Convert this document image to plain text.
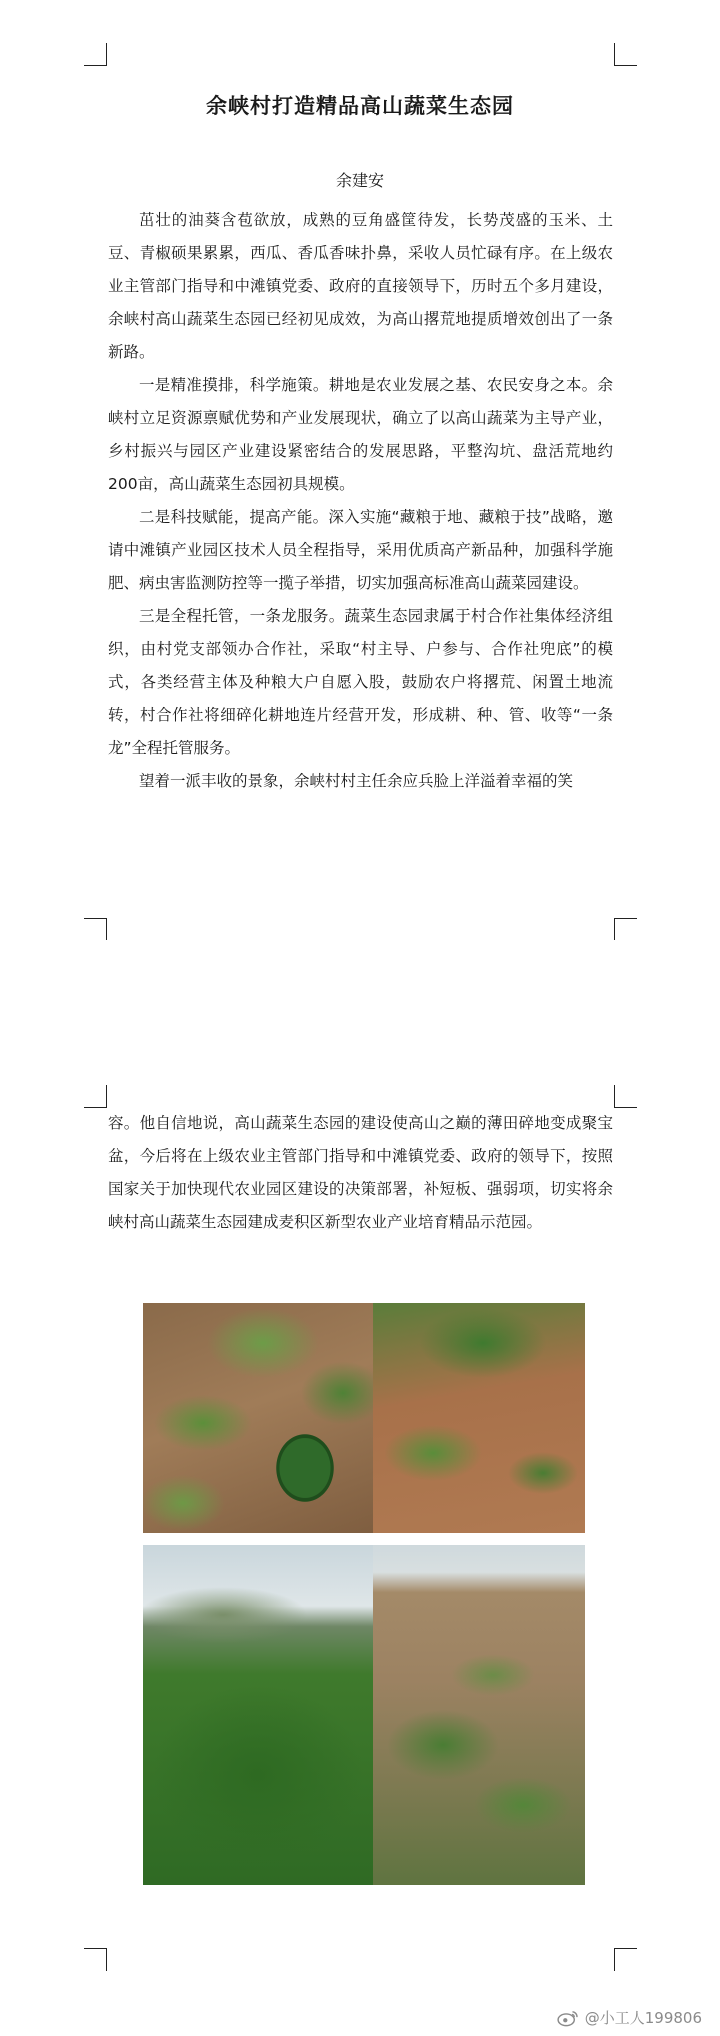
余峡村打造精品高山蔬菜生态园

余建安

茁壮的油葵含苞欲放，成熟的豆角盛筐待发，长势茂盛的玉米、土豆、青椒硕果累累，西瓜、香瓜香味扑鼻，采收人员忙碌有序。在上级农业主管部门指导和中滩镇党委、政府的直接领导下，历时五个多月建设，余峡村高山蔬菜生态园已经初见成效，为高山撂荒地提质增效创出了一条新路。

一是精准摸排，科学施策。耕地是农业发展之基、农民安身之本。余峡村立足资源禀赋优势和产业发展现状，确立了以高山蔬菜为主导产业，乡村振兴与园区产业建设紧密结合的发展思路，平整沟坑、盘活荒地约200亩，高山蔬菜生态园初具规模。

二是科技赋能，提高产能。深入实施“藏粮于地、藏粮于技”战略，邀请中滩镇产业园区技术人员全程指导，采用优质高产新品种，加强科学施肥、病虫害监测防控等一揽子举措，切实加强高标准高山蔬菜园建设。

三是全程托管，一条龙服务。蔬菜生态园隶属于村合作社集体经济组织，由村党支部领办合作社，采取“村主导、户参与、合作社兜底”的模式，各类经营主体及种粮大户自愿入股，鼓励农户将撂荒、闲置土地流转，村合作社将细碎化耕地连片经营开发，形成耕、种、管、收等“一条龙”全程托管服务。

望着一派丰收的景象，余峡村村主任余应兵脸上洋溢着幸福的笑

容。他自信地说，高山蔬菜生态园的建设使高山之巅的薄田碎地变成聚宝盆，今后将在上级农业主管部门指导和中滩镇党委、政府的领导下，按照国家关于加快现代农业园区建设的决策部署，补短板、强弱项，切实将余峡村高山蔬菜生态园建成麦积区新型农业产业培育精品示范园。

@小工人199806
